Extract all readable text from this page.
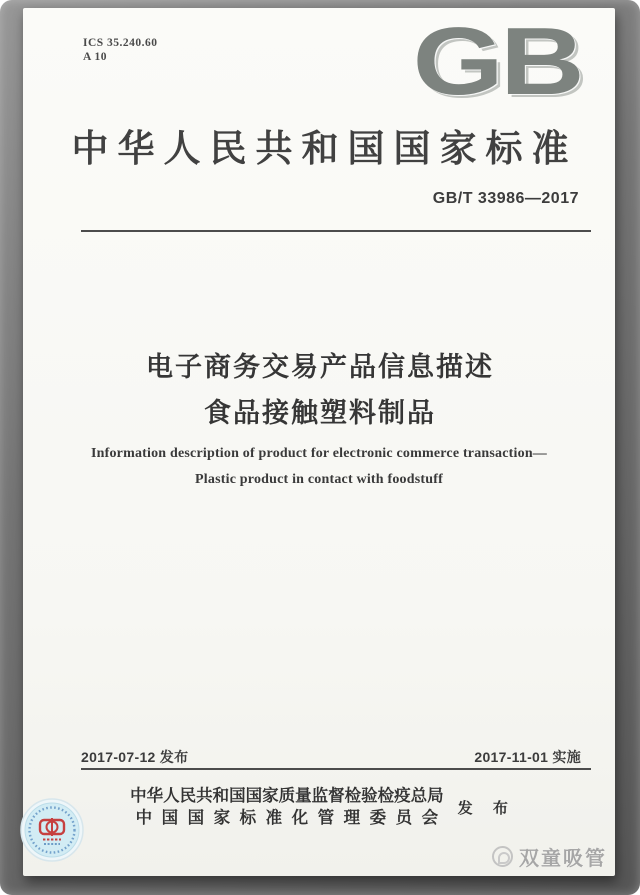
ICS 35.240.60
A 10	GB
中华人民共和国国家标准
GB/T 33986—2017
电子商务交易产品信息描述
食品接触塑料制品
Information description of product for electronic commerce transaction—
Plastic product in contact with foodstuff
2017-07-12 发布	2017-11-01 实施
中华人民共和国国家质量监督检验检疫总局
中国国家标准化管理委员会
发 布
双童吸管
